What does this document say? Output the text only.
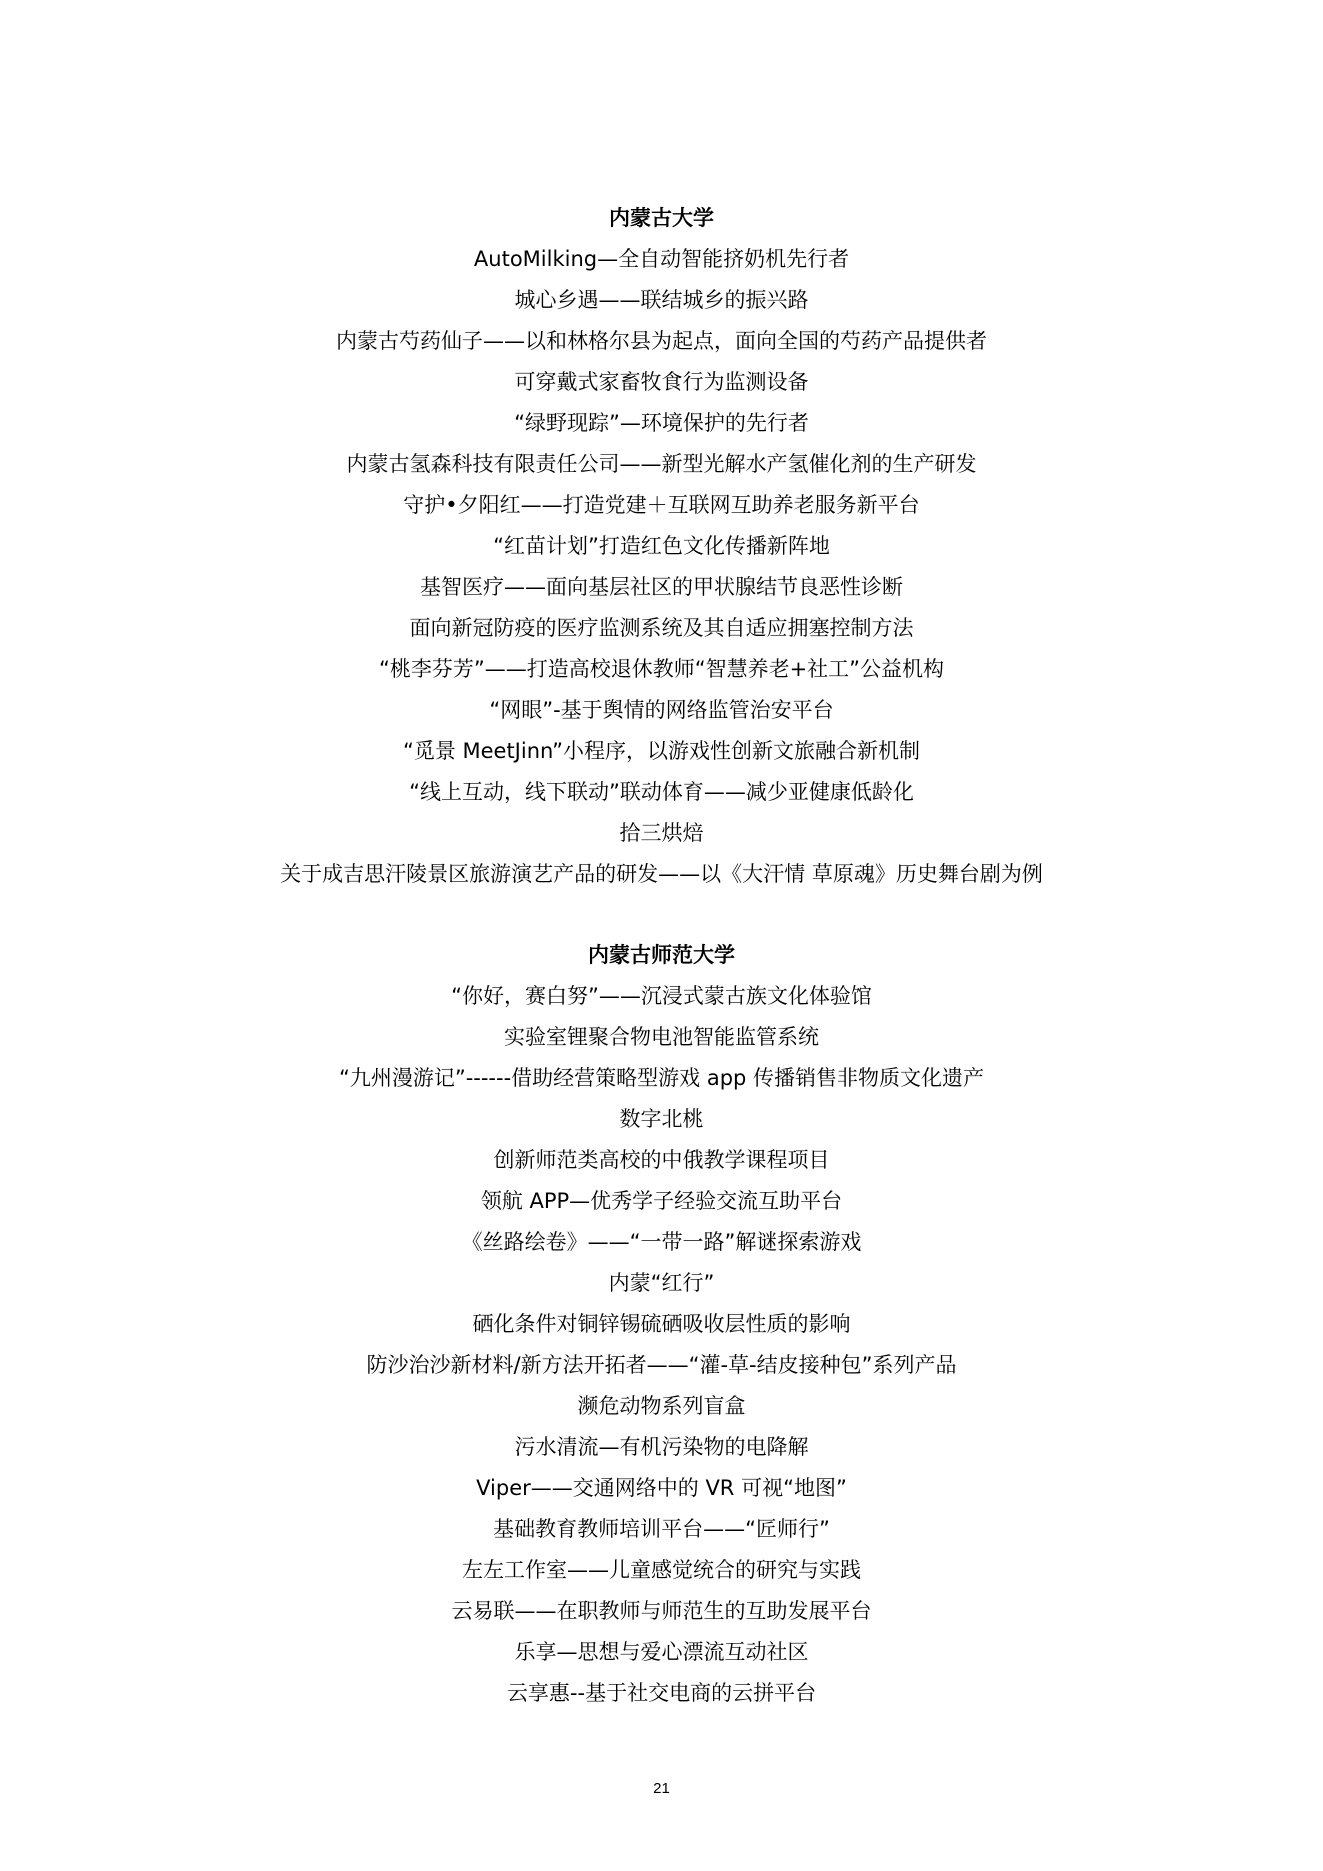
内蒙古大学
AutoMilking—全自动智能挤奶机先行者
城心乡遇——联结城乡的振兴路
内蒙古芍药仙子——以和林格尔县为起点，面向全国的芍药产品提供者
可穿戴式家畜牧食行为监测设备
“绿野现踪”—环境保护的先行者
内蒙古氢森科技有限责任公司——新型光解水产氢催化剂的生产研发
守护•夕阳红——打造党建＋互联网互助养老服务新平台
“红苗计划”打造红色文化传播新阵地
基智医疗——面向基层社区的甲状腺结节良恶性诊断
面向新冠防疫的医疗监测系统及其自适应拥塞控制方法
“桃李芬芳”——打造高校退休教师“智慧养老+社工”公益机构
“网眼”-基于舆情的网络监管治安平台
“觅景 MeetJinn”小程序，以游戏性创新文旅融合新机制
“线上互动，线下联动”联动体育——减少亚健康低龄化
拾三烘焙
关于成吉思汗陵景区旅游演艺产品的研发——以《大汗情 草原魂》历史舞台剧为例
内蒙古师范大学
“你好，赛白努”——沉浸式蒙古族文化体验馆
实验室锂聚合物电池智能监管系统
“九州漫游记”------借助经营策略型游戏 app 传播销售非物质文化遗产
数字北桃
创新师范类高校的中俄教学课程项目
领航 APP—优秀学子经验交流互助平台
《丝路绘卷》——“一带一路”解谜探索游戏
内蒙“红行”
硒化条件对铜锌锡硫硒吸收层性质的影响
防沙治沙新材料/新方法开拓者——“灌-草-结皮接种包”系列产品
濒危动物系列盲盒
污水清流—有机污染物的电降解
Viper——交通网络中的 VR 可视“地图”
基础教育教师培训平台——“匠师行”
左左工作室——儿童感觉统合的研究与实践
云易联——在职教师与师范生的互助发展平台
乐享—思想与爱心漂流互动社区
云享惠--基于社交电商的云拼平台
21
